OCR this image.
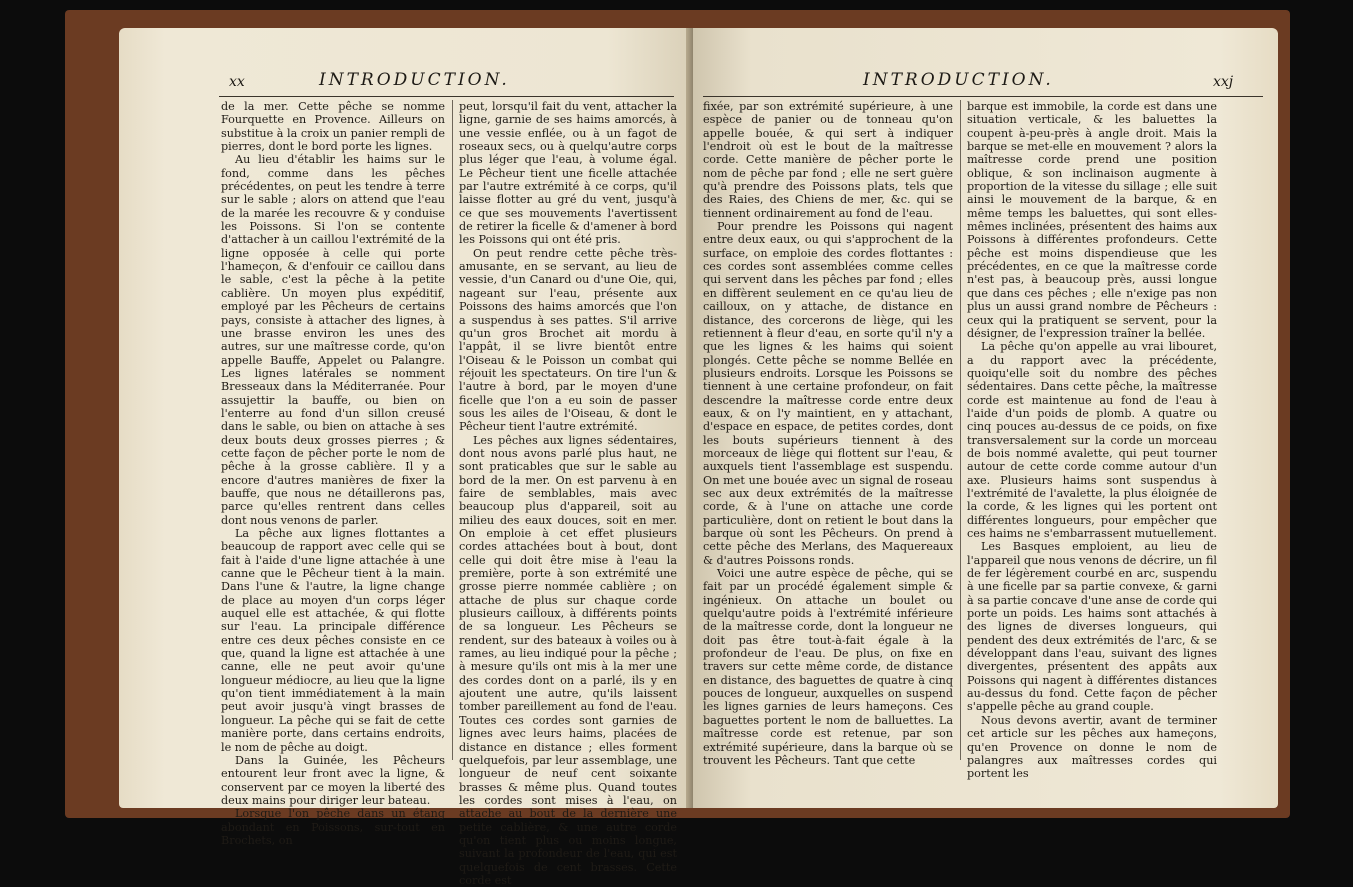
xx	INTRODUCTION.

de la mer. Cette pêche se nomme Fourquette en Provence. Ailleurs on substitue à la croix un panier rempli de pierres, dont le bord porte les lignes.

Au lieu d'établir les haims sur le fond, comme dans les pêches précédentes, on peut les tendre à terre sur le sable ; alors on attend que l'eau de la marée les recouvre & y conduise les Poissons. Si l'on se contente d'attacher à un caillou l'extrémité de la ligne opposée à celle qui porte l'hameçon, & d'enfouir ce caillou dans le sable, c'est la pêche à la petite cablière. Un moyen plus expéditif, employé par les Pêcheurs de certains pays, consiste à attacher des lignes, à une brasse environ les unes des autres, sur une maîtresse corde, qu'on appelle Bauffe, Appelet ou Palangre. Les lignes latérales se nomment Bresseaux dans la Méditerranée. Pour assujettir la bauffe, ou bien on l'enterre au fond d'un sillon creusé dans le sable, ou bien on attache à ses deux bouts deux grosses pierres ; & cette façon de pêcher porte le nom de pêche à la grosse cablière. Il y a encore d'autres manières de fixer la bauffe, que nous ne détaillerons pas, parce qu'elles rentrent dans celles dont nous venons de parler.

La pêche aux lignes flottantes a beaucoup de rapport avec celle qui se fait à l'aide d'une ligne attachée à une canne que le Pêcheur tient à la main. Dans l'une & l'autre, la ligne change de place au moyen d'un corps léger auquel elle est attachée, & qui flotte sur l'eau. La principale différence entre ces deux pêches consiste en ce que, quand la ligne est attachée à une canne, elle ne peut avoir qu'une longueur médiocre, au lieu que la ligne qu'on tient immédiatement à la main peut avoir jusqu'à vingt brasses de longueur. La pêche qui se fait de cette manière porte, dans certains endroits, le nom de pêche au doigt.

Dans la Guinée, les Pêcheurs entourent leur front avec la ligne, & conservent par ce moyen la liberté des deux mains pour diriger leur bateau.

Lorsque l'on pêche dans un étang abondant en Poissons, sur-tout en Brochets, on

peut, lorsqu'il fait du vent, attacher la ligne, garnie de ses haims amorcés, à une vessie enflée, ou à un fagot de roseaux secs, ou à quelqu'autre corps plus léger que l'eau, à volume égal. Le Pêcheur tient une ficelle attachée par l'autre extrémité à ce corps, qu'il laisse flotter au gré du vent, jusqu'à ce que ses mouvements l'avertissent de retirer la ficelle & d'amener à bord les Poissons qui ont été pris.

On peut rendre cette pêche très-amusante, en se servant, au lieu de vessie, d'un Canard ou d'une Oie, qui, nageant sur l'eau, présente aux Poissons des haims amorcés que l'on a suspendus à ses pattes. S'il arrive qu'un gros Brochet ait mordu à l'appât, il se livre bientôt entre l'Oiseau & le Poisson un combat qui réjouit les spectateurs. On tire l'un & l'autre à bord, par le moyen d'une ficelle que l'on a eu soin de passer sous les ailes de l'Oiseau, & dont le Pêcheur tient l'autre extrémité.

Les pêches aux lignes sédentaires, dont nous avons parlé plus haut, ne sont praticables que sur le sable au bord de la mer. On est parvenu à en faire de semblables, mais avec beaucoup plus d'appareil, soit au milieu des eaux douces, soit en mer. On emploie à cet effet plusieurs cordes attachées bout à bout, dont celle qui doit être mise à l'eau la première, porte à son extrémité une grosse pierre nommée cablière ; on attache de plus sur chaque corde plusieurs cailloux, à différents points de sa longueur. Les Pêcheurs se rendent, sur des bateaux à voiles ou à rames, au lieu indiqué pour la pêche ; à mesure qu'ils ont mis à la mer une des cordes dont on a parlé, ils y en ajoutent une autre, qu'ils laissent tomber pareillement au fond de l'eau. Toutes ces cordes sont garnies de lignes avec leurs haims, placées de distance en distance ; elles forment quelquefois, par leur assemblage, une longueur de neuf cent soixante brasses & même plus. Quand toutes les cordes sont mises à l'eau, on attache au bout de la dernière une petite cablière, & une autre corde qu'on tient plus ou moins longue, suivant la profondeur de l'eau, qui est quelquefois de cent brasses. Cette corde est

INTRODUCTION.	xxj

fixée, par son extrémité supérieure, à une espèce de panier ou de tonneau qu'on appelle bouée, & qui sert à indiquer l'endroit où est le bout de la maîtresse corde. Cette manière de pêcher porte le nom de pêche par fond ; elle ne sert guère qu'à prendre des Poissons plats, tels que des Raies, des Chiens de mer, &c. qui se tiennent ordinairement au fond de l'eau.

Pour prendre les Poissons qui nagent entre deux eaux, ou qui s'approchent de la surface, on emploie des cordes flottantes : ces cordes sont assemblées comme celles qui servent dans les pêches par fond ; elles en diffèrent seulement en ce qu'au lieu de cailloux, on y attache, de distance en distance, des corcerons de liège, qui les retiennent à fleur d'eau, en sorte qu'il n'y a que les lignes & les haims qui soient plongés. Cette pêche se nomme Bellée en plusieurs endroits. Lorsque les Poissons se tiennent à une certaine profondeur, on fait descendre la maîtresse corde entre deux eaux, & on l'y maintient, en y attachant, d'espace en espace, de petites cordes, dont les bouts supérieurs tiennent à des morceaux de liège qui flottent sur l'eau, & auxquels tient l'assemblage est suspendu. On met une bouée avec un signal de roseau sec aux deux extrémités de la maîtresse corde, & à l'une on attache une corde particulière, dont on retient le bout dans la barque où sont les Pêcheurs. On prend à cette pêche des Merlans, des Maquereaux & d'autres Poissons ronds.

Voici une autre espèce de pêche, qui se fait par un procédé également simple & ingénieux. On attache un boulet ou quelqu'autre poids à l'extrémité inférieure de la maîtresse corde, dont la longueur ne doit pas être tout-à-fait égale à la profondeur de l'eau. De plus, on fixe en travers sur cette même corde, de distance en distance, des baguettes de quatre à cinq pouces de longueur, auxquelles on suspend les lignes garnies de leurs hameçons. Ces baguettes portent le nom de balluettes. La maîtresse corde est retenue, par son extrémité supérieure, dans la barque où se trouvent les Pêcheurs. Tant que cette

barque est immobile, la corde est dans une situation verticale, & les baluettes la coupent à-peu-près à angle droit. Mais la barque se met-elle en mouvement ? alors la maîtresse corde prend une position oblique, & son inclinaison augmente à proportion de la vitesse du sillage ; elle suit ainsi le mouvement de la barque, & en même temps les baluettes, qui sont elles-mêmes inclinées, présentent des haims aux Poissons à différentes profondeurs. Cette pêche est moins dispendieuse que les précédentes, en ce que la maîtresse corde n'est pas, à beaucoup près, aussi longue que dans ces pêches ; elle n'exige pas non plus un aussi grand nombre de Pêcheurs : ceux qui la pratiquent se servent, pour la désigner, de l'expression traîner la bellée.

La pêche qu'on appelle au vrai libouret, a du rapport avec la précédente, quoiqu'elle soit du nombre des pêches sédentaires. Dans cette pêche, la maîtresse corde est maintenue au fond de l'eau à l'aide d'un poids de plomb. A quatre ou cinq pouces au-dessus de ce poids, on fixe transversalement sur la corde un morceau de bois nommé avalette, qui peut tourner autour de cette corde comme autour d'un axe. Plusieurs haims sont suspendus à l'extrémité de l'avalette, la plus éloignée de la corde, & les lignes qui les portent ont différentes longueurs, pour empêcher que ces haims ne s'embarrassent mutuellement.

Les Basques emploient, au lieu de l'appareil que nous venons de décrire, un fil de fer légèrement courbé en arc, suspendu à une ficelle par sa partie convexe, & garni à sa partie concave d'une anse de corde qui porte un poids. Les haims sont attachés à des lignes de diverses longueurs, qui pendent des deux extrémités de l'arc, & se développant dans l'eau, suivant des lignes divergentes, présentent des appâts aux Poissons qui nagent à différentes distances au-dessus du fond. Cette façon de pêcher s'appelle pêche au grand couple.

Nous devons avertir, avant de terminer cet article sur les pêches aux hameçons, qu'en Provence on donne le nom de palangres aux maîtresses cordes qui portent les
